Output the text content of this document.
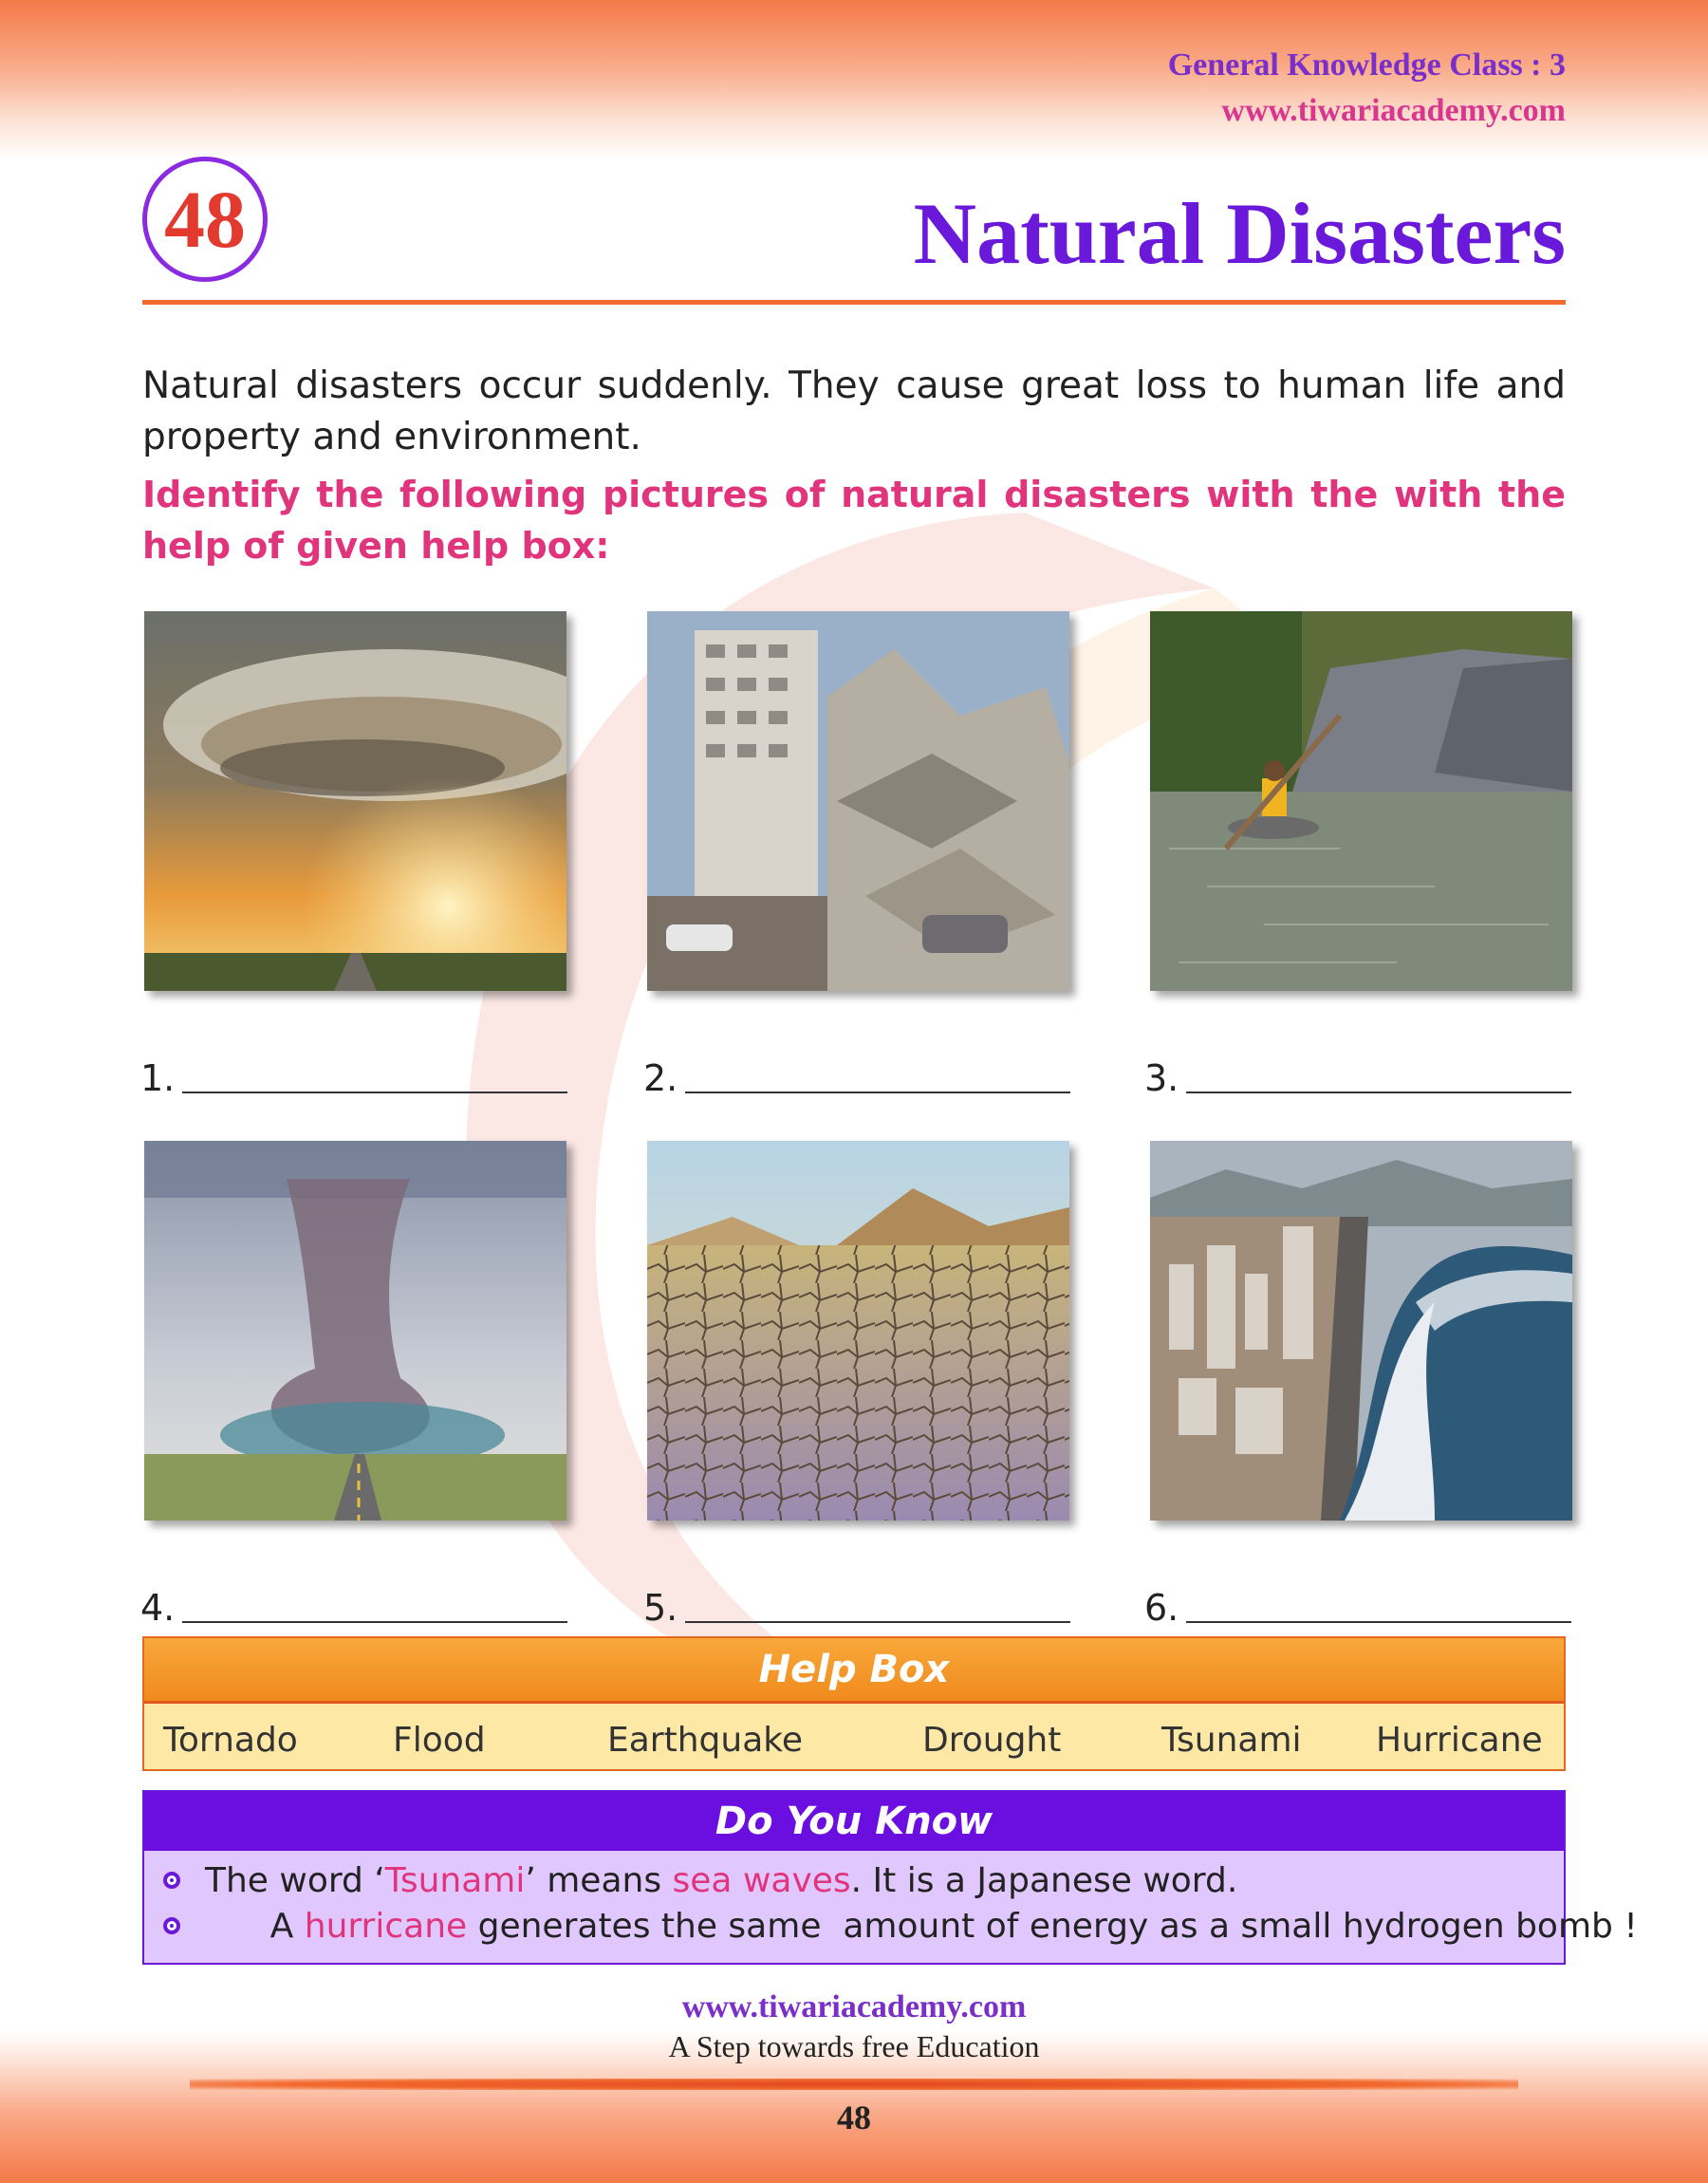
General Knowledge Class : 3
www.tiwariacademy.com
48	Natural Disasters

Natural disasters occur suddenly. They cause great loss to human life and property and environment.

Identify the following pictures of natural disasters with the with the help of given help box:

1.	2.	3.
4.	5.	6.
Help Box
Tornado	Flood	Earthquake	Drought	Tsunami Hurricane
Do You Know
The word ‘Tsunami’ means sea waves. It is a Japanese word.

A hurricane generates the same  amount of energy as a small hydrogen bomb !

www.tiwariacademy.com
A Step towards free Education
48
